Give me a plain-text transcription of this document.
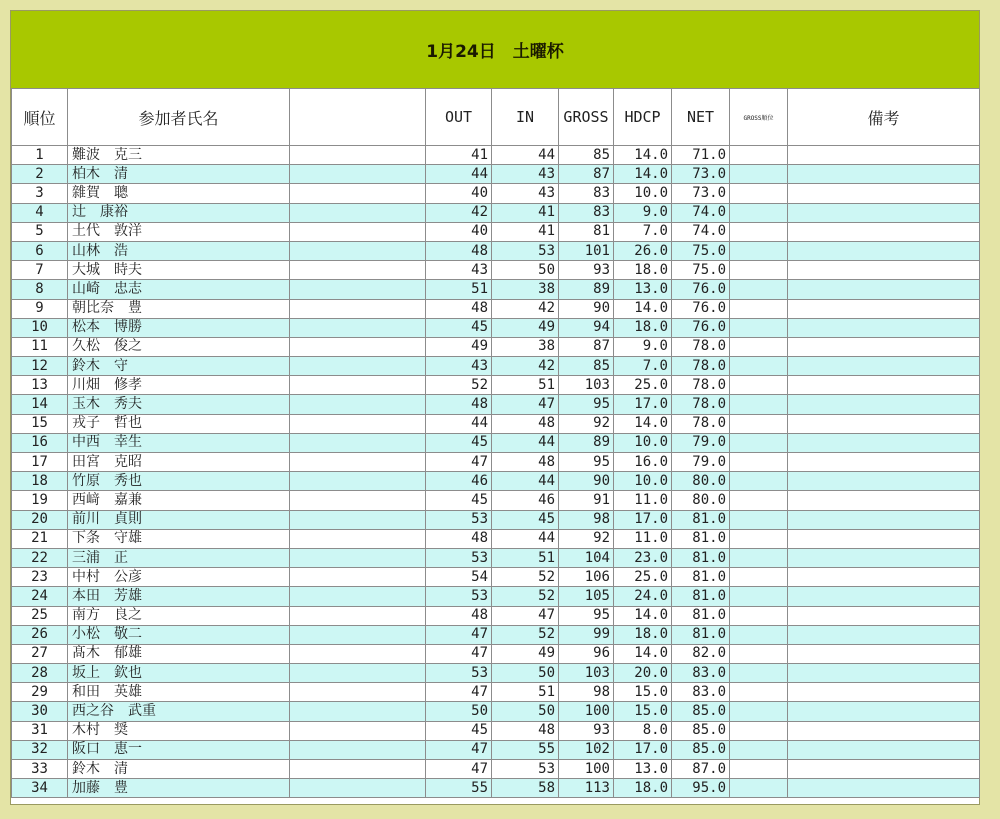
1月24日　土曜杯
順位	参加者氏名		OUT	IN	GROSS	HDCP	NET	GROSS順位	備考
1	難波　克三		41	44	85	14.0	71.0		
2	柏木　清		44	43	87	14.0	73.0		
3	雜賀　聰		40	43	83	10.0	73.0		
4	辻　康裕		42	41	83	9.0	74.0		
5	土代　敦洋		40	41	81	7.0	74.0		
6	山林　浩		48	53	101	26.0	75.0		
7	大城　時夫		43	50	93	18.0	75.0		
8	山崎　忠志		51	38	89	13.0	76.0		
9	朝比奈　豊		48	42	90	14.0	76.0		
10	松本　博勝		45	49	94	18.0	76.0		
11	久松　俊之		49	38	87	9.0	78.0		
12	鈴木　守		43	42	85	7.0	78.0		
13	川畑　修孝		52	51	103	25.0	78.0		
14	玉木　秀夫		48	47	95	17.0	78.0		
15	戎子　哲也		44	48	92	14.0	78.0		
16	中西　幸生		45	44	89	10.0	79.0		
17	田宮　克昭		47	48	95	16.0	79.0		
18	竹原　秀也		46	44	90	10.0	80.0		
19	西﨑　嘉兼		45	46	91	11.0	80.0		
20	前川　貞則		53	45	98	17.0	81.0		
21	下条　守雄		48	44	92	11.0	81.0		
22	三浦　正		53	51	104	23.0	81.0		
23	中村　公彦		54	52	106	25.0	81.0		
24	本田　芳雄		53	52	105	24.0	81.0		
25	南方　良之		48	47	95	14.0	81.0		
26	小松　敬二		47	52	99	18.0	81.0		
27	髙木　郁雄		47	49	96	14.0	82.0		
28	坂上　欽也		53	50	103	20.0	83.0		
29	和田　英雄		47	51	98	15.0	83.0		
30	西之谷　武重		50	50	100	15.0	85.0		
31	木村　奨		45	48	93	8.0	85.0		
32	阪口　恵一		47	55	102	17.0	85.0		
33	鈴木　清		47	53	100	13.0	87.0		
34	加藤　豊		55	58	113	18.0	95.0		
